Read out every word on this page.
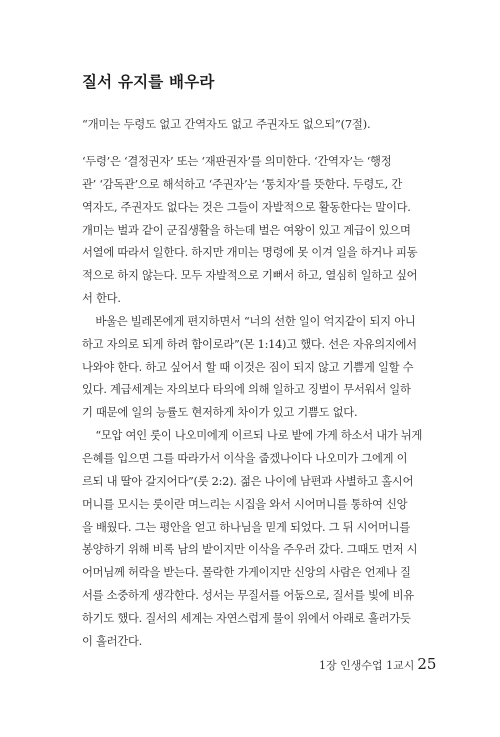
질서 유지를 배우라
“개미는 두령도 없고 간역자도 없고 주권자도 없으되”(7절).
‘두령’은 ‘결정권자’ 또는 ‘재판권자’를 의미한다. ‘간역자’는 ‘행정
관’ ‘감독관’으로 해석하고 ‘주권자’는 ‘통치자’를 뜻한다. 두령도, 간
역자도, 주권자도 없다는 것은 그들이 자발적으로 활동한다는 말이다.
개미는 벌과 같이 군집생활을 하는데 벌은 여왕이 있고 계급이 있으며
서열에 따라서 일한다. 하지만 개미는 명령에 못 이겨 일을 하거나 피동
적으로 하지 않는다. 모두 자발적으로 기뻐서 하고, 열심히 일하고 싶어
서 한다.
바울은 빌레몬에게 편지하면서 “너의 선한 일이 억지같이 되지 아니
하고 자의로 되게 하려 함이로라”(몬 1:14)고 했다. 선은 자유의지에서
나와야 한다. 하고 싶어서 할 때 이것은 짐이 되지 않고 기쁨게 일할 수
있다. 계급세계는 자의보다 타의에 의해 일하고 징벌이 무서워서 일하
기 때문에 일의 능률도 현저하게 차이가 있고 기쁨도 없다.
“모압 여인 룻이 나오미에게 이르되 나로 밭에 가게 하소서 내가 뉘게
은혜를 입으면 그를 따라가서 이삭을 줍겠나이다 나오미가 그에게 이
르되 내 딸아 갈지어다”(룻 2:2). 젊은 나이에 남편과 사별하고 홀시어
머니를 모시는 룻이란 며느리는 시집을 와서 시어머니를 통하여 신앙
을 배웠다. 그는 평안을 얻고 하나님을 믿게 되었다. 그 뒤 시어머니를
봉양하기 위해 비록 남의 밭이지만 이삭을 주우러 갔다. 그때도 먼저 시
어머님께 허락을 받는다. 몰락한 가게이지만 신앙의 사람은 언제나 질
서를 소중하게 생각한다. 성서는 무질서를 어둠으로, 질서를 빛에 비유
하기도 했다. 질서의 세계는 자연스럽게 물이 위에서 아래로 흘러가듯
이 흘러간다.
1장 인생수업 1교시 25
